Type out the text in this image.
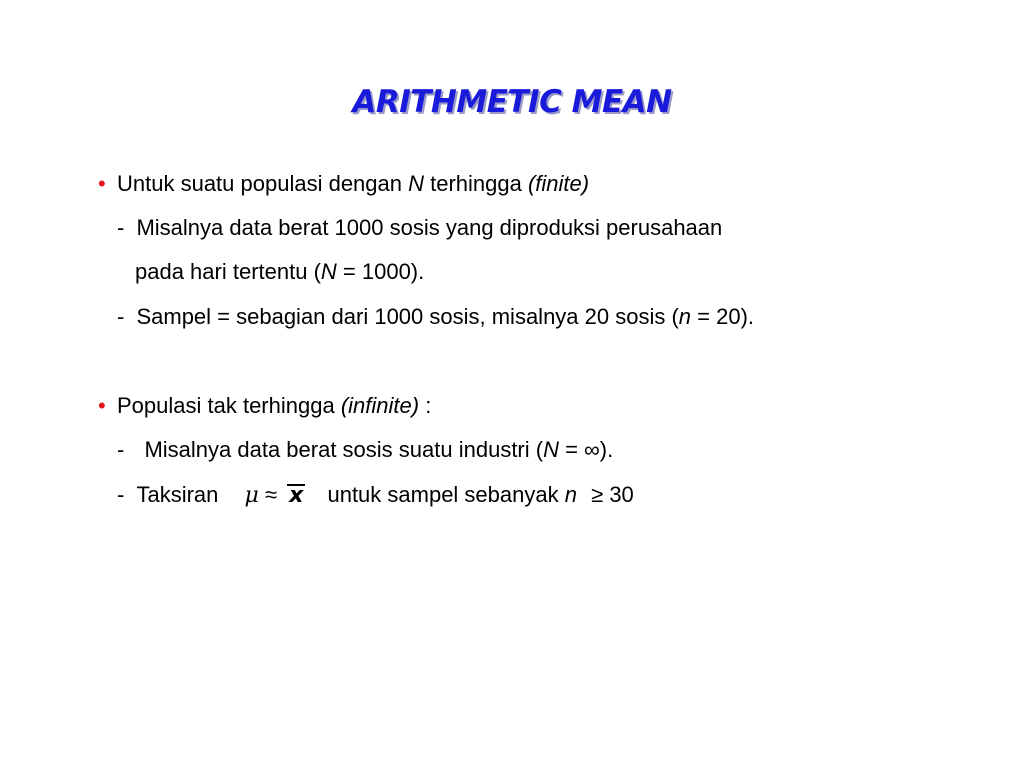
ARITHMETIC MEAN
• Untuk suatu populasi dengan N terhingga (finite)
- Misalnya data berat 1000 sosis yang diproduksi perusahaan
pada hari tertentu (N = 1000).
- Sampel = sebagian dari 1000 sosis, misalnya 20 sosis (n = 20).
• Populasi tak terhingga (infinite) :
- Misalnya data berat sosis suatu industri (N = ∞).
- Taksiran μ ≈ x untuk sampel sebanyak n ≥ 30
